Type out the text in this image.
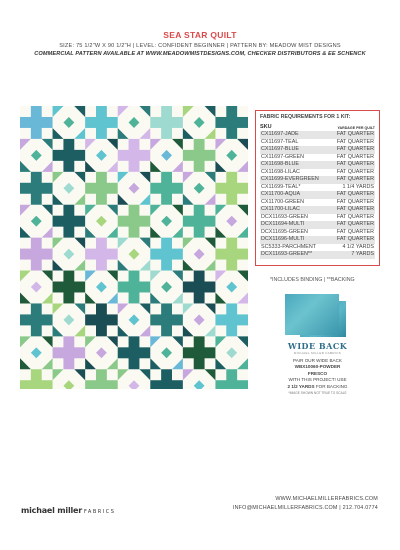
SEA STAR QUILT
SIZE: 75 1/2"W X 90 1/2"H | LEVEL: CONFIDENT BEGINNER | PATTERN BY: MEADOW MIST DESIGNS
COMMERCIAL PATTERN AVAILABLE AT WWW.MEADOWMISTDESIGNS.COM, CHECKER DISTRIBUTORS & EE SCHENCK
FABRIC REQUIREMENTS FOR 1 KIT:
SKU	YARDAGE PER QUILT
CX11697-JADE	FAT QUARTER
CX11697-TEAL	FAT QUARTER
CX11697-BLUE	FAT QUARTER
CX11697-GREEN	FAT QUARTER
CX11698-BLUE	FAT QUARTER
CX11698-LILAC	FAT QUARTER
CX11699-EVERGREEN	FAT QUARTER
CX11699-TEAL*	1 1/4 YARDS
CX11700-AQUA	FAT QUARTER
CX11700-GREEN	FAT QUARTER
CX11700-LILAC	FAT QUARTER
DCX11693-GREEN	FAT QUARTER
DCX11694-MULTI	FAT QUARTER
DCX11695-GREEN	FAT QUARTER
DCX11696-MULTI	FAT QUARTER
SC5333-PARCHMENT	4 1/2 YARDS
DCX11693-GREEN**	7 YARDS
*INCLUDES BINDING | **BACKING
WIDE BACK
MICHAEL MILLER FABRICS
PAIR OUR WIDE BACK
WBX10060-POWDER
FRESCO
WITH THIS PROJECT! USE
2 1/2 YARDS FOR BACKING
*IMAGE SHOWN NOT TRUE TO SCALE
michael miller FABRICS
WWW.MICHAELMILLERFABRICS.COM
INFO@MICHAELMILLERFABRICS.COM | 212.704.0774
